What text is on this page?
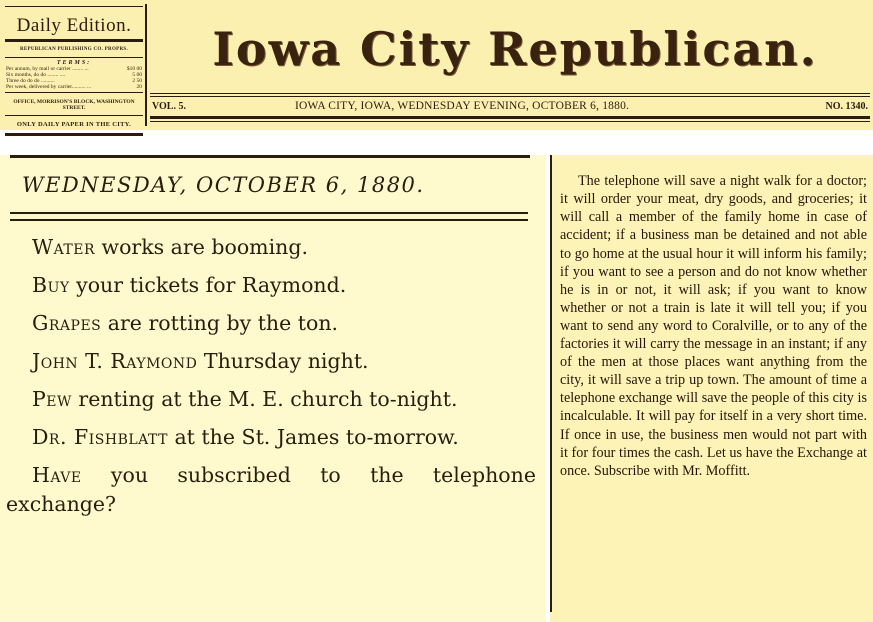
Daily Edition.
REPUBLICAN PUBLISHING CO. PROPRS.
TERMS:
Per annum, by mail or carrier ........ ...	$10 00
Six months, do do ........ ....	5 00
Three do do do ..........	2 50
Per week, delivered by carrier.......... ...	20
OFFICE, MORRISON'S BLOCK, WASHINGTON STREET.
ONLY DAILY PAPER IN THE CITY.
Iowa City Republican.
VOL. 5.	IOWA CITY, IOWA, WEDNESDAY EVENING, OCTOBER 6, 1880.	NO. 1340.
WEDNESDAY, OCTOBER 6, 1880.

Water works are booming.

Buy your tickets for Raymond.

Grapes are rotting by the ton.

John T. Raymond Thursday night.

Pew renting at the M. E. church to-night.

Dr. Fishblatt at the St. James to-morrow.

Have you subscribed to the telephone exchange?

The telephone will save a night walk for a doctor; it will order your meat, dry goods, and groceries; it will call a member of the family home in case of accident; if a business man be detained and not able to go home at the usual hour it will inform his family; if you want to see a person and do not know whether he is in or not, it will ask; if you want to know whether or not a train is late it will tell you; if you want to send any word to Coralville, or to any of the factories it will carry the message in an instant; if any of the men at those places want anything from the city, it will save a trip up town. The amount of time a telephone exchange will save the people of this city is incalculable. It will pay for itself in a very short time. If once in use, the business men would not part with it for four times the cash. Let us have the Exchange at once. Subscribe with Mr. Moffitt.
